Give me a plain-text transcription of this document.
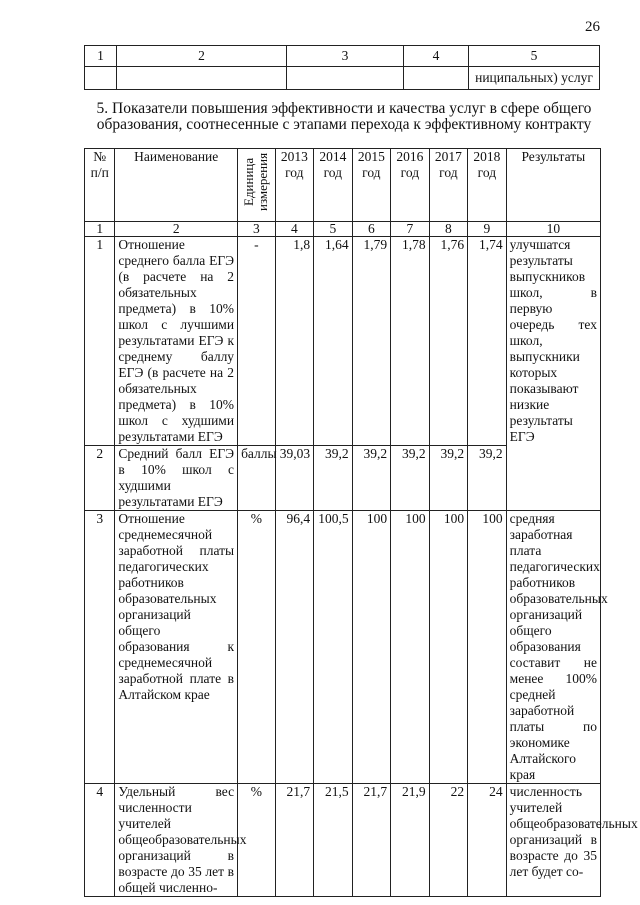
26
1	2	3	4	5
				ниципальных) услуг
5. Показатели повышения эффективности и качества услуг в сфере общего
образования, соотнесенные с этапами перехода к эффективному контракту
№ п/п	Наименование	Единица измерения	2013 год	2014 год	2015 год	2016 год	2017 год	2018 год	Результаты
1	2	3	4	5	6	7	8	9	10
1	Отношение среднего балла ЕГЭ (в расчете на 2 обязательных предмета) в 10% школ с лучшими результатами ЕГЭ к среднему баллу ЕГЭ (в расчете на 2 обязательных предмета) в 10% школ с худшими результатами ЕГЭ	-	1,8	1,64	1,79	1,78	1,76	1,74	улучшатся результаты выпускников школ, в первую очередь тех школ, выпускники которых показывают низкие результаты ЕГЭ
2	Средний балл ЕГЭ в 10% школ с худшими результатами ЕГЭ	баллы	39,03	39,2	39,2	39,2	39,2	39,2	
3	Отношение среднемесячной заработной платы педагогических работников образовательных организаций общего образования к среднемесячной заработной плате в Алтайском крае	%	96,4	100,5	100	100	100	100	средняя заработная плата педагогических работников образовательных организаций общего образования составит не менее 100% средней заработной платы по экономике Алтайского края
4	Удельный вес численности учителей общеобразовательных организаций в возрасте до 35 лет в общей численно-	%	21,7	21,5	21,7	21,9	22	24	численность учителей общеобразовательных организаций в возрасте до 35 лет будет со-
